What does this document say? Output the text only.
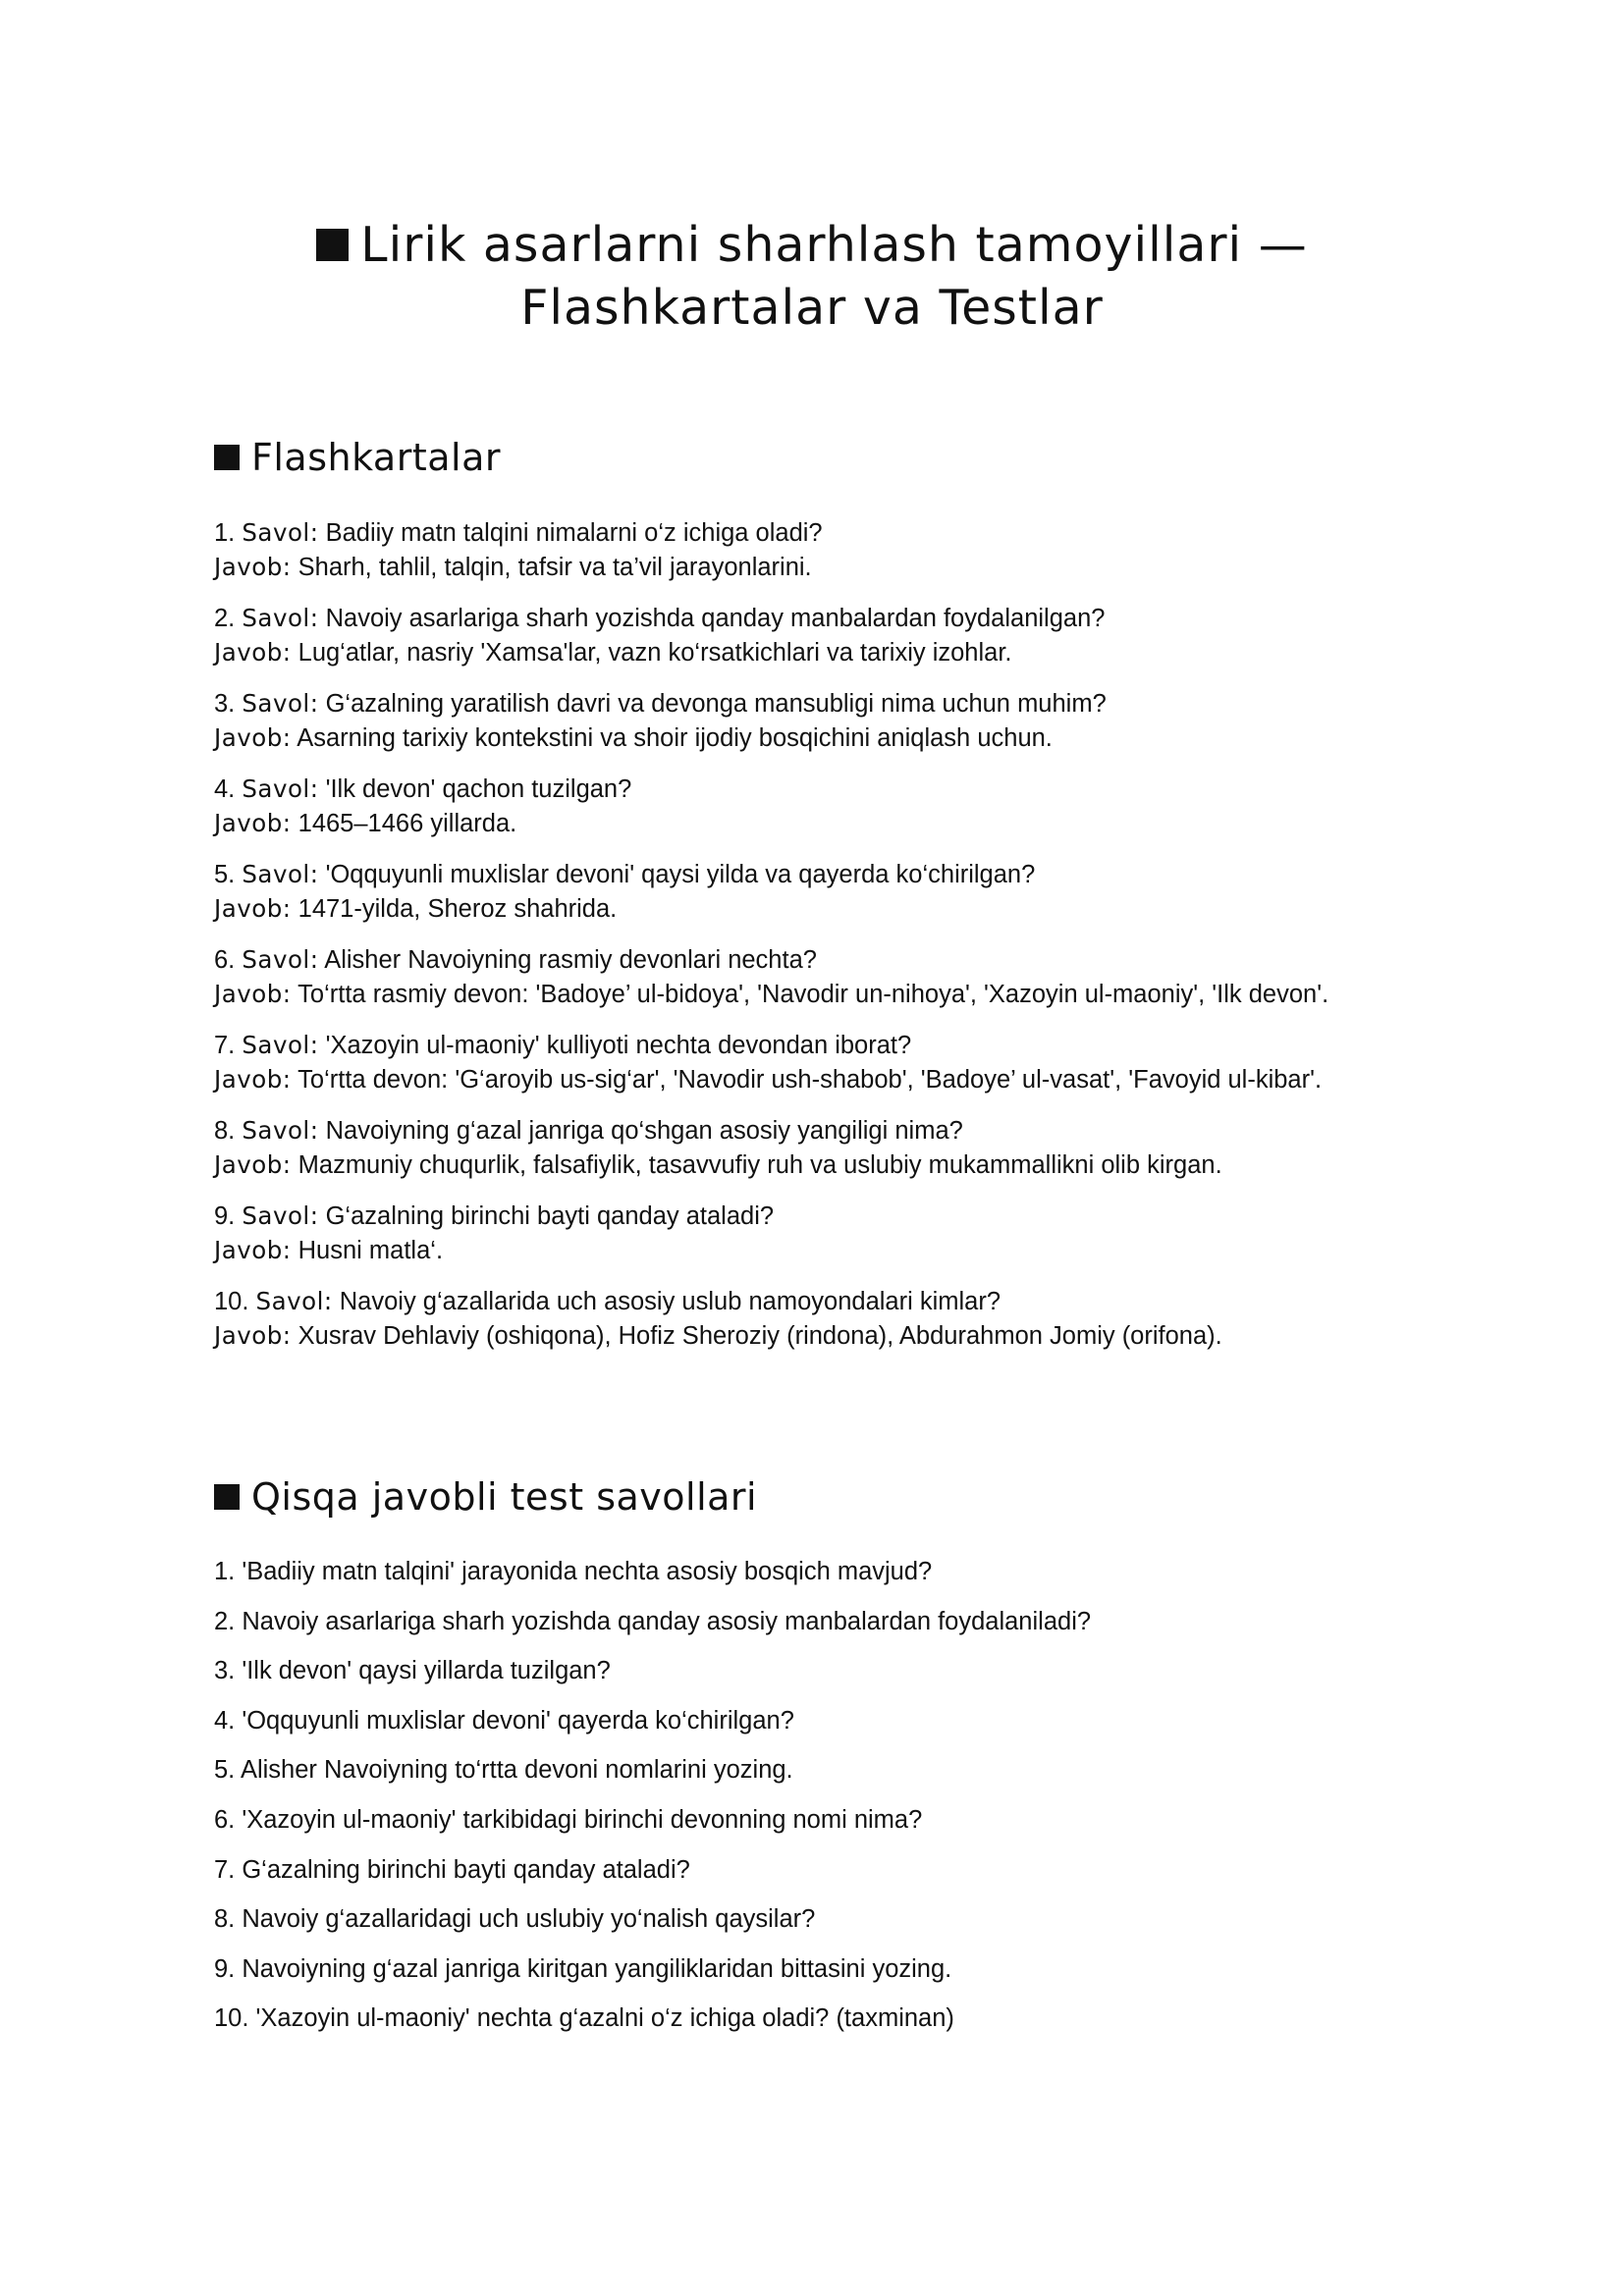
Lirik asarlarni sharhlash tamoyillari —
Flashkartalar va Testlar
Flashkartalar
1. Savol: Badiiy matn talqini nimalarni o‘z ichiga oladi?
Javob: Sharh, tahlil, talqin, tafsir va ta’vil jarayonlarini.
2. Savol: Navoiy asarlariga sharh yozishda qanday manbalardan foydalanilgan?
Javob: Lug‘atlar, nasriy 'Xamsa'lar, vazn ko‘rsatkichlari va tarixiy izohlar.
3. Savol: G‘azalning yaratilish davri va devonga mansubligi nima uchun muhim?
Javob: Asarning tarixiy kontekstini va shoir ijodiy bosqichini aniqlash uchun.
4. Savol: 'Ilk devon' qachon tuzilgan?
Javob: 1465–1466 yillarda.
5. Savol: 'Oqquyunli muxlislar devoni' qaysi yilda va qayerda ko‘chirilgan?
Javob: 1471-yilda, Sheroz shahrida.
6. Savol: Alisher Navoiyning rasmiy devonlari nechta?
Javob: To‘rtta rasmiy devon: 'Badoye’ ul-bidoya', 'Navodir un-nihoya', 'Xazoyin ul-maoniy', 'Ilk devon'.
7. Savol: 'Xazoyin ul-maoniy' kulliyoti nechta devondan iborat?
Javob: To‘rtta devon: 'G‘aroyib us-sig‘ar', 'Navodir ush-shabob', 'Badoye’ ul-vasat', 'Favoyid ul-kibar'.
8. Savol: Navoiyning g‘azal janriga qo‘shgan asosiy yangiligi nima?
Javob: Mazmuniy chuqurlik, falsafiylik, tasavvufiy ruh va uslubiy mukammallikni olib kirgan.
9. Savol: G‘azalning birinchi bayti qanday ataladi?
Javob: Husni matla‘.
10. Savol: Navoiy g‘azallarida uch asosiy uslub namoyondalari kimlar?
Javob: Xusrav Dehlaviy (oshiqona), Hofiz Sheroziy (rindona), Abdurahmon Jomiy (orifona).
Qisqa javobli test savollari
1. 'Badiiy matn talqini' jarayonida nechta asosiy bosqich mavjud?
2. Navoiy asarlariga sharh yozishda qanday asosiy manbalardan foydalaniladi?
3. 'Ilk devon' qaysi yillarda tuzilgan?
4. 'Oqquyunli muxlislar devoni' qayerda ko‘chirilgan?
5. Alisher Navoiyning to‘rtta devoni nomlarini yozing.
6. 'Xazoyin ul-maoniy' tarkibidagi birinchi devonning nomi nima?
7. G‘azalning birinchi bayti qanday ataladi?
8. Navoiy g‘azallaridagi uch uslubiy yo‘nalish qaysilar?
9. Navoiyning g‘azal janriga kiritgan yangiliklaridan bittasini yozing.
10. 'Xazoyin ul-maoniy' nechta g‘azalni o‘z ichiga oladi? (taxminan)
